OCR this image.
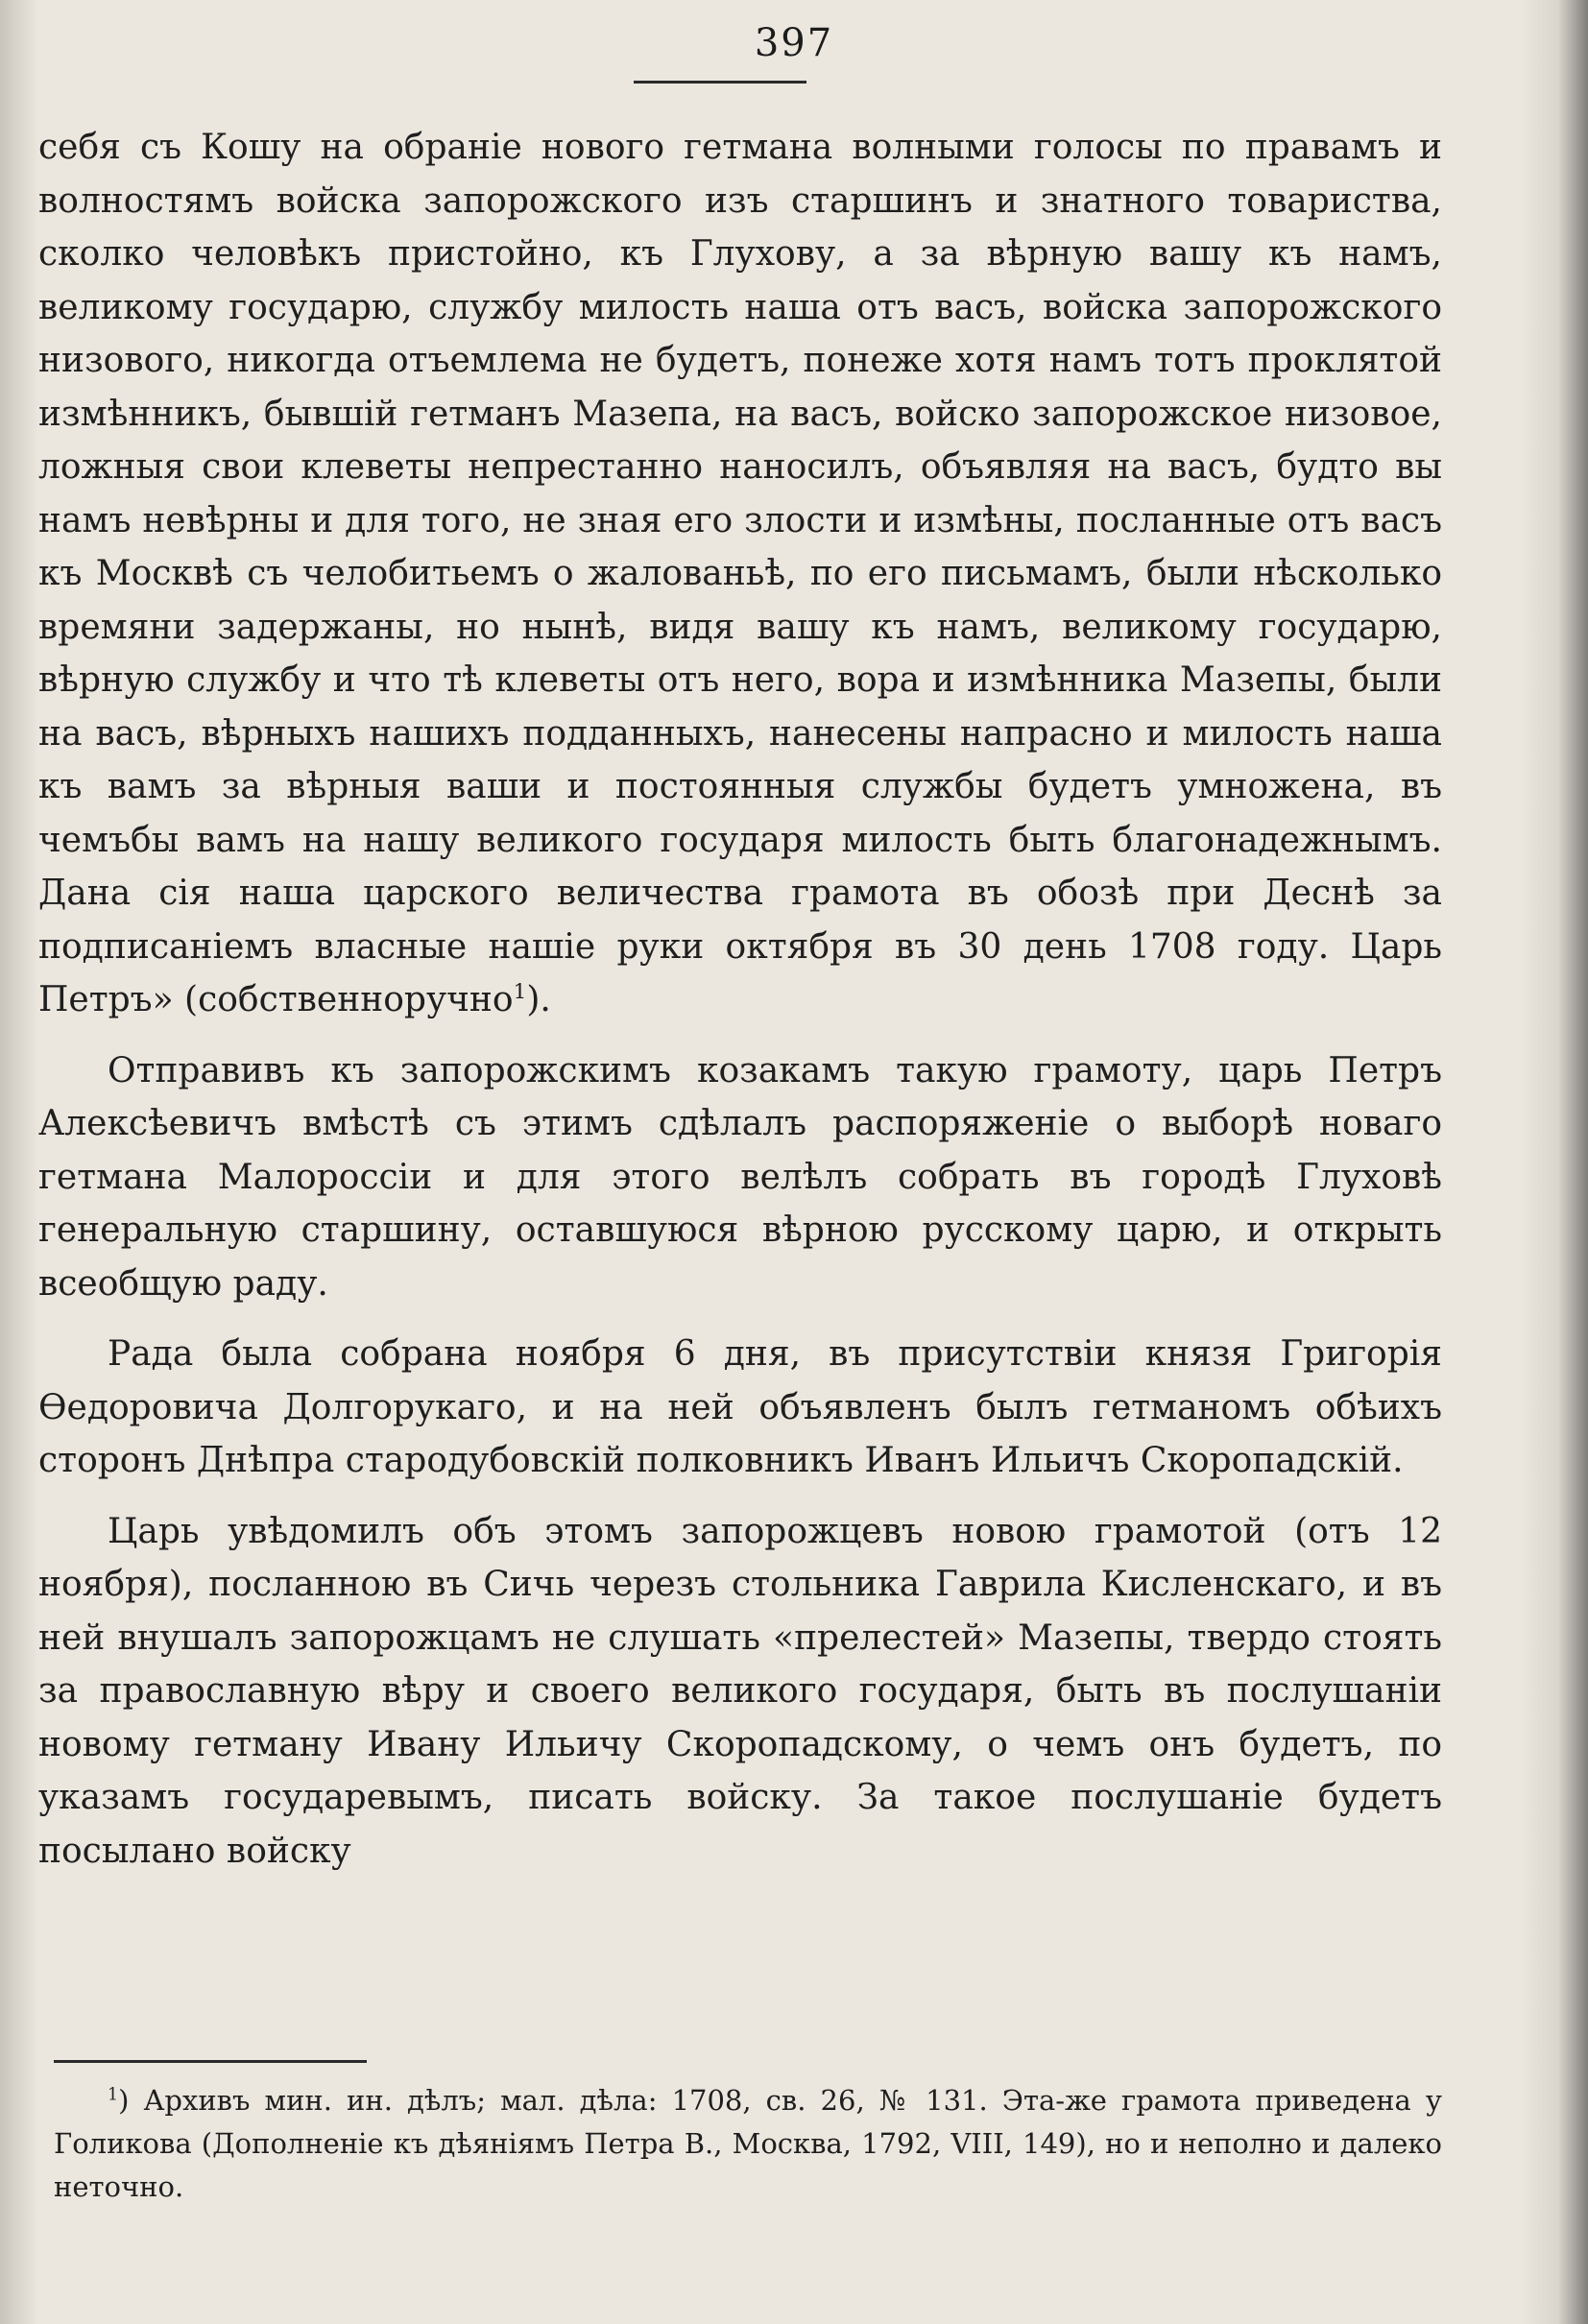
397

себя съ Кошу на обраніе нового гетмана волными голосы по правамъ и волностямъ войска запорожского изъ старшинъ и знатного товариства, сколко человѣкъ пристойно, къ Глухову, а за вѣрную вашу къ намъ, великому государю, службу милость наша отъ васъ, войска запорожского низового, никогда отъемлема не будетъ, понеже хотя намъ тотъ проклятой измѣнникъ, бывшій гетманъ Мазепа, на васъ, войско запорожское низовое, ложныя свои клеветы непрестанно наносилъ, объявляя на васъ, будто вы намъ невѣрны и для того, не зная его злости и измѣны, посланные отъ васъ къ Москвѣ съ челобитьемъ о жалованьѣ, по его письмамъ, были нѣсколько времяни задержаны, но нынѣ, видя вашу къ намъ, великому государю, вѣрную службу и что тѣ клеветы отъ него, вора и измѣнника Мазепы, были на васъ, вѣрныхъ нашихъ подданныхъ, нанесены напрасно и милость наша къ вамъ за вѣрныя ваши и постоянныя службы будетъ умножена, въ чемъбы вамъ на нашу великого государя милость быть благонадежнымъ. Дана сія наша царского величества грамота въ обозѣ при Деснѣ за подписаніемъ власные нашіе руки октября въ 30 день 1708 году. Царь Петръ» (собственноручно$^1$).

Отправивъ къ запорожскимъ козакамъ такую грамоту, царь Петръ Алексѣевичъ вмѣстѣ съ этимъ сдѣлалъ распоряженіе о выборѣ новаго гетмана Малороссіи и для этого велѣлъ собрать въ городѣ Глуховѣ генеральную старшину, оставшуюся вѣрною русскому царю, и открыть всеобщую раду.

Рада была собрана ноября 6 дня, въ присутствіи князя Григорія Өедоровича Долгорукаго, и на ней объявленъ былъ гетманомъ обѣихъ сторонъ Днѣпра стародубовскій полковникъ Иванъ Ильичъ Скоропадскій.

Царь увѣдомилъ объ этомъ запорожцевъ новою грамотой (отъ 12 ноября), посланною въ Сичь черезъ стольника Гаврила Кисленскаго, и въ ней внушалъ запорожцамъ не слушать «прелестей» Мазепы, твердо стоять за православную вѣру и своего великого государя, быть въ послушаніи новому гетману Ивану Ильичу Скоропадскому, о чемъ онъ будетъ, по указамъ государевымъ, писать войску. За такое послушаніе будетъ посылано войску

$^1$) Архивъ мин. ин. дѣлъ; мал. дѣла: 1708, св. 26, № 131. Эта-же грамота приведена у Голикова (Дополненіе къ дѣяніямъ Петра В., Москва, 1792, VIII, 149), но и неполно и далеко неточно.
